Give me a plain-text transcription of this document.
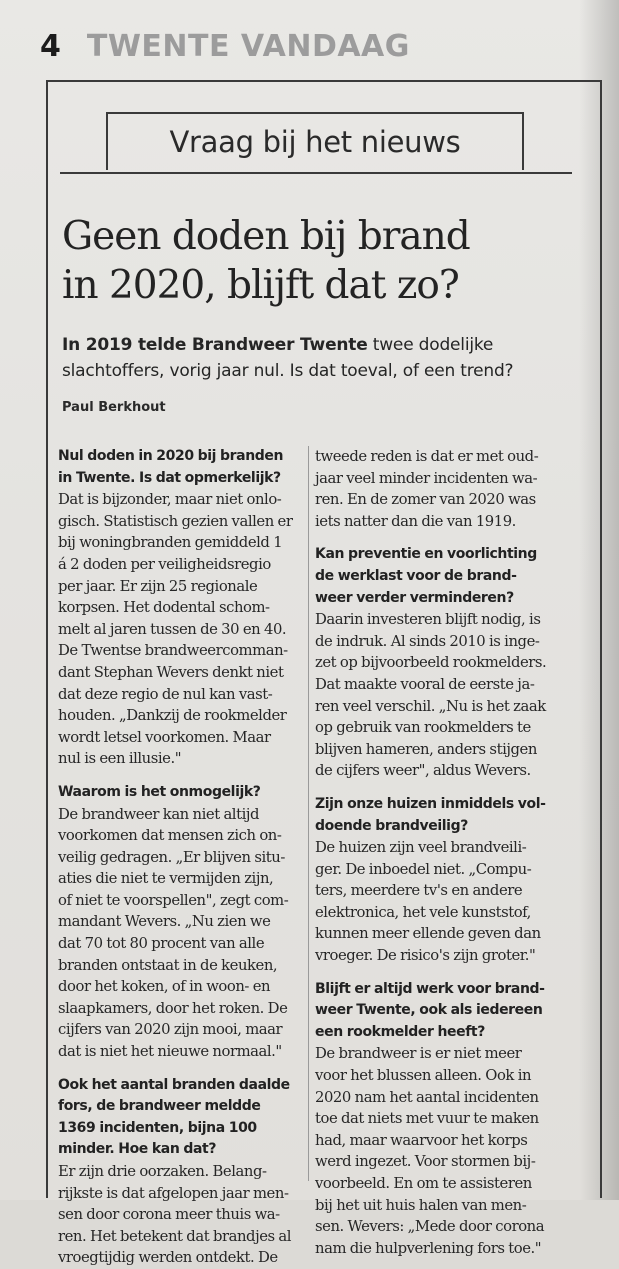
4 TWENTE VANDAAG
Vraag bij het nieuws
Geen doden bij brand
in 2020, blijft dat zo?
In 2019 telde Brandweer Twente twee dodelijke
slachtoffers, vorig jaar nul. Is dat toeval, of een trend?
Paul Berkhout
Nul doden in 2020 bij branden
in Twente. Is dat opmerkelijk?
Dat is bijzonder, maar niet onlo-
gisch. Statistisch gezien vallen er
bij woningbranden gemiddeld 1
á 2 doden per veiligheidsregio
per jaar. Er zijn 25 regionale
korpsen. Het dodental schom-
melt al jaren tussen de 30 en 40.
De Twentse brandweercomman-
dant Stephan Wevers denkt niet
dat deze regio de nul kan vast-
houden. „Dankzij de rookmelder
wordt letsel voorkomen. Maar
nul is een illusie."
Waarom is het onmogelijk?
De brandweer kan niet altijd
voorkomen dat mensen zich on-
veilig gedragen. „Er blijven situ-
aties die niet te vermijden zijn,
of niet te voorspellen", zegt com-
mandant Wevers. „Nu zien we
dat 70 tot 80 procent van alle
branden ontstaat in de keuken,
door het koken, of in woon- en
slaapkamers, door het roken. De
cijfers van 2020 zijn mooi, maar
dat is niet het nieuwe normaal."
Ook het aantal branden daalde
fors, de brandweer meldde
1369 incidenten, bijna 100
minder. Hoe kan dat?
Er zijn drie oorzaken. Belang-
rijkste is dat afgelopen jaar men-
sen door corona meer thuis wa-
ren. Het betekent dat brandjes al
vroegtijdig werden ontdekt. De
tweede reden is dat er met oud-
jaar veel minder incidenten wa-
ren. En de zomer van 2020 was
iets natter dan die van 1919.
Kan preventie en voorlichting
de werklast voor de brand-
weer verder verminderen?
Daarin investeren blijft nodig, is
de indruk. Al sinds 2010 is inge-
zet op bijvoorbeeld rookmelders.
Dat maakte vooral de eerste ja-
ren veel verschil. „Nu is het zaak
op gebruik van rookmelders te
blijven hameren, anders stijgen
de cijfers weer", aldus Wevers.
Zijn onze huizen inmiddels vol-
doende brandveilig?
De huizen zijn veel brandveili-
ger. De inboedel niet. „Compu-
ters, meerdere tv's en andere
elektronica, het vele kunststof,
kunnen meer ellende geven dan
vroeger. De risico's zijn groter."
Blijft er altijd werk voor brand-
weer Twente, ook als iedereen
een rookmelder heeft?
De brandweer is er niet meer
voor het blussen alleen. Ook in
2020 nam het aantal incidenten
toe dat niets met vuur te maken
had, maar waarvoor het korps
werd ingezet. Voor stormen bij-
voorbeeld. En om te assisteren
bij het uit huis halen van men-
sen. Wevers: „Mede door corona
nam die hulpverlening fors toe."
